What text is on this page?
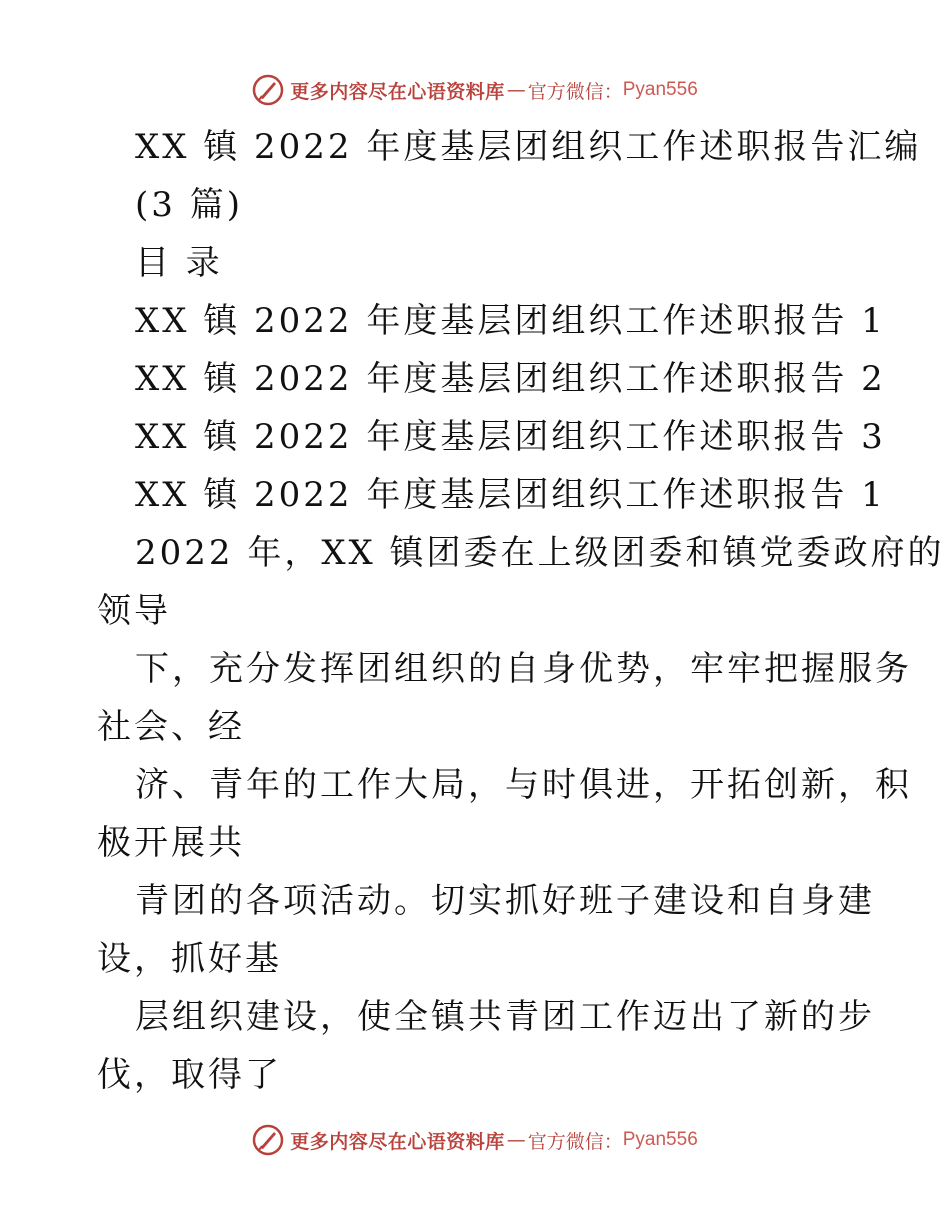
更多内容尽在心语资料库 — 官方微信： Pyan556
XX 镇 2022 年度基层团组织工作述职报告汇编
(3 篇)
目 录
XX 镇 2022 年度基层团组织工作述职报告 1
XX 镇 2022 年度基层团组织工作述职报告 2
XX 镇 2022 年度基层团组织工作述职报告 3
XX 镇 2022 年度基层团组织工作述职报告 1
2022 年，XX 镇团委在上级团委和镇党委政府的
领导
下，充分发挥团组织的自身优势，牢牢把握服务
社会、经
济、青年的工作大局，与时俱进，开拓创新，积
极开展共
青团的各项活动。切实抓好班子建设和自身建
设，抓好基
层组织建设，使全镇共青团工作迈出了新的步
伐，取得了
更多内容尽在心语资料库 — 官方微信： Pyan556
